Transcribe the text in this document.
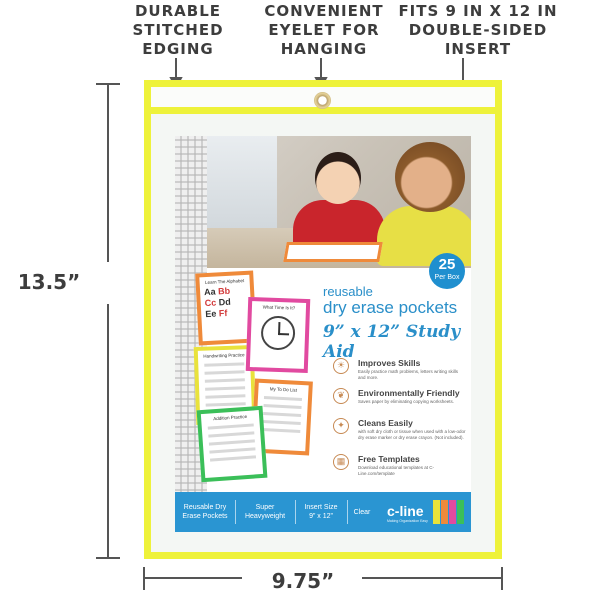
DURABLE
STITCHED
EDGING
CONVENIENT
EYELET FOR
HANGING
FITS 9 IN X 12 IN
DOUBLE-SIDED
INSERT
13.5”
9.75”
25
Per Box
reusable
dry erase pockets
9” x 12” Study Aid
Learn The Alphabet
Aa Bb
Cc Dd
Ee Ff
Handwriting Practice
What Time Is It?
My To Do List
Addition Practice
☀	Improves Skills
Easily practice math problems, letters writing skills and more.
❦	Environmentally Friendly
Saves paper by eliminating copying worksheets.
✦	Cleans Easily
with soft dry cloth or tissue when used with a low-odor dry erase marker or dry erase crayon. (Not included).
▦	Free Templates
Download educational templates at C-Line.com/template
Reusable Dry
Erase Pockets
Super
Heavyweight
Insert Size
9” x 12”
Clear c-line
Making Organization Easy
